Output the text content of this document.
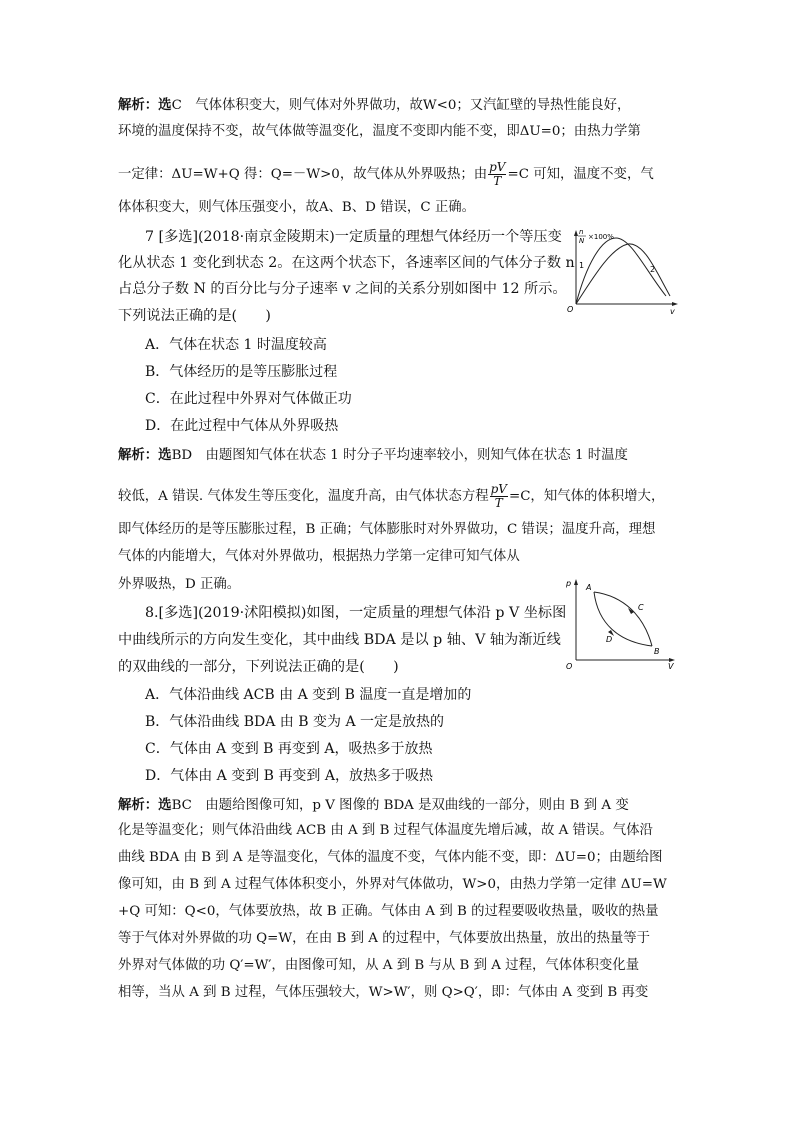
解析：选C　 气体体积变大，则气体对外界做功，故W<0；又汽缸壁的导热性能良好，
环境的温度保持不变，故气体做等温变化，温度不变即内能不变，即ΔU=0；由热力学第
一定律：ΔU=W+Q 得：Q=－W>0，故气体从外界吸热；由 $\frac{pV}{T} =C$ 可知，温度不变，气
体体积变大，则气体压强变小，故A、B、D 错误，C 正确。
7 [多选](2018·南京金陵期末)一定质量的理想气体经历一个等压变
化从状态 1 变化到状态 2。在这两个状态下，各速率区间的气体分子数 n
占总分子数 N 的百分比与分子速率 v 之间的关系分别如图中 12 所示。
下列说法正确的是(　　)
A．气体在状态 1 时温度较高
B．气体经历的是等压膨胀过程
C．在此过程中外界对气体做正功
D．在此过程中气体从外界吸热
n
N ×100%
1	2
O	v
解析：选BD　 由题图知气体在状态 1 时分子平均速率较小，则知气体在状态 1 时温度
较低，A 错误. 气体发生等压变化，温度升高，由气体状态方程 $\frac{pV}{T} =C$，知气体的体积增大，
即气体经历的是等压膨胀过程，B 正确；气体膨胀时对外界做功，C 错误；温度升高，理想
气体的内能增大，气体对外界做功，根据热力学第一定律可知气体从
外界吸热，D 正确。
8.[多选](2019·沭阳模拟)如图，一定质量的理想气体沿 p V 坐标图
中曲线所示的方向发生变化，其中曲线 BDA 是以 p 轴、V 轴为渐近线
的双曲线的一部分，下列说法正确的是(　　)
A．气体沿曲线 ACB 由 A 变到 B 温度一直是增加的
B．气体沿曲线 BDA 由 B 变为 A 一定是放热的
C．气体由 A 变到 B 再变到 A，吸热多于放热
D．气体由 A 变到 B 再变到 A，放热多于吸热
p
V
O
A
B
C
D
解析：选BC　 由题给图像可知，p V 图像的 BDA 是双曲线的一部分，则由 B 到 A 变
化是等温变化；则气体沿曲线 ACB 由 A 到 B 过程气体温度先增后减，故 A 错误。气体沿
曲线 BDA 由 B 到 A 是等温变化，气体的温度不变，气体内能不变，即：ΔU=0；由题给图
像可知，由 B 到 A 过程气体体积变小，外界对气体做功，W>0，由热力学第一定律 ΔU=W
+Q 可知：Q<0，气体要放热，故 B 正确。气体由 A 到 B 的过程要吸收热量，吸收的热量
等于气体对外界做的功 Q=W，在由 B 到 A 的过程中，气体要放出热量，放出的热量等于
外界对气体做的功 Q′=W′，由图像可知，从 A 到 B 与从 B 到 A 过程，气体体积变化量
相等，当从 A 到 B 过程，气体压强较大，W>W′，则 Q>Q′，即：气体由 A 变到 B 再变
